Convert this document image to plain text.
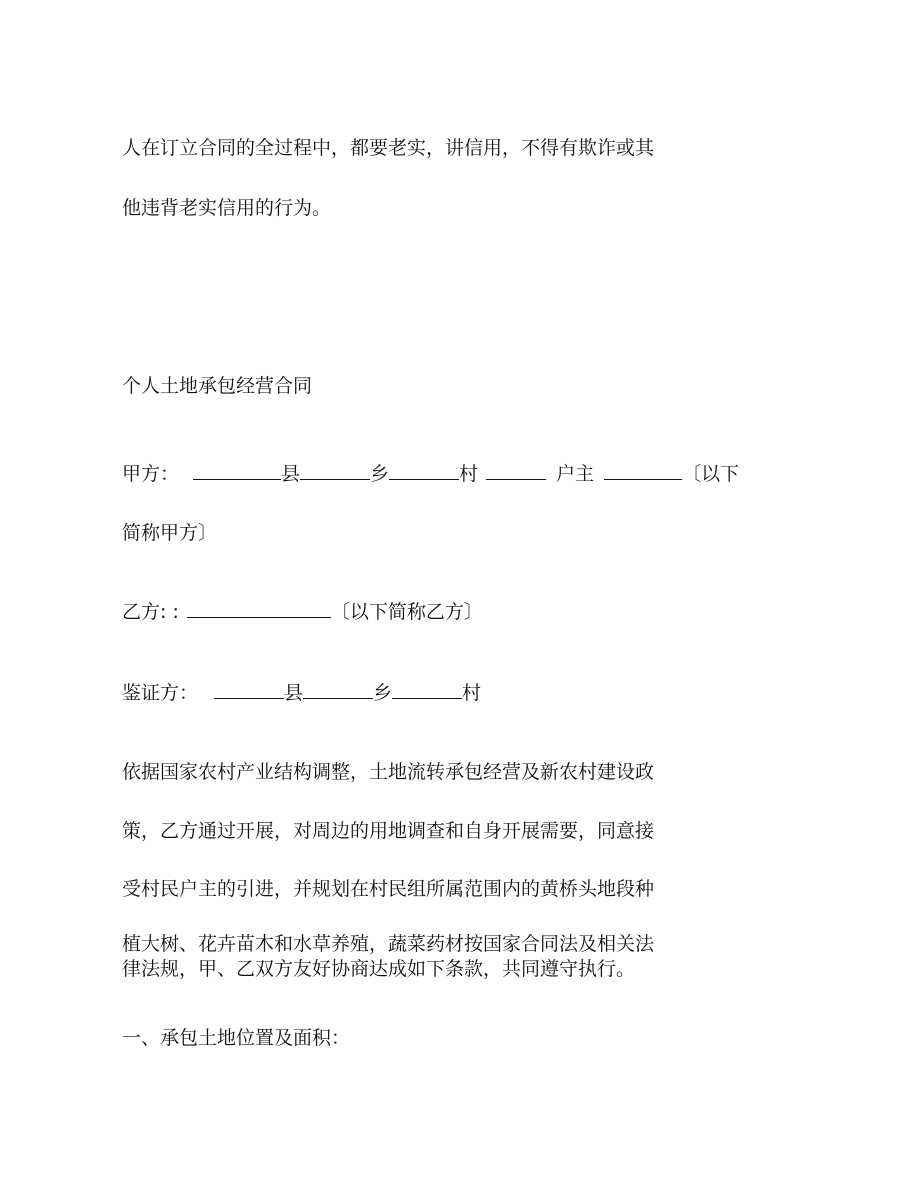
人在订立合同的全过程中，都要老实，讲信用，不得有欺诈或其

他违背老实信用的行为。

个人土地承包经营合同

甲方：	县	乡	村	户主	〔以下

简称甲方〕

乙方: :	〔以下简称乙方〕

鉴证方：	县	乡	村

依据国家农村产业结构调整，土地流转承包经营及新农村建设政

策，乙方通过开展，对周边的用地调查和自身开展需要，同意接

受村民户主的引进，并规划在村民组所属范围内的黄桥头地段种

植大树、花卉苗木和水草养殖，蔬菜药材按国家合同法及相关法

律法规，甲、乙双方友好协商达成如下条款，共同遵守执行。

一、承包土地位置及面积：
